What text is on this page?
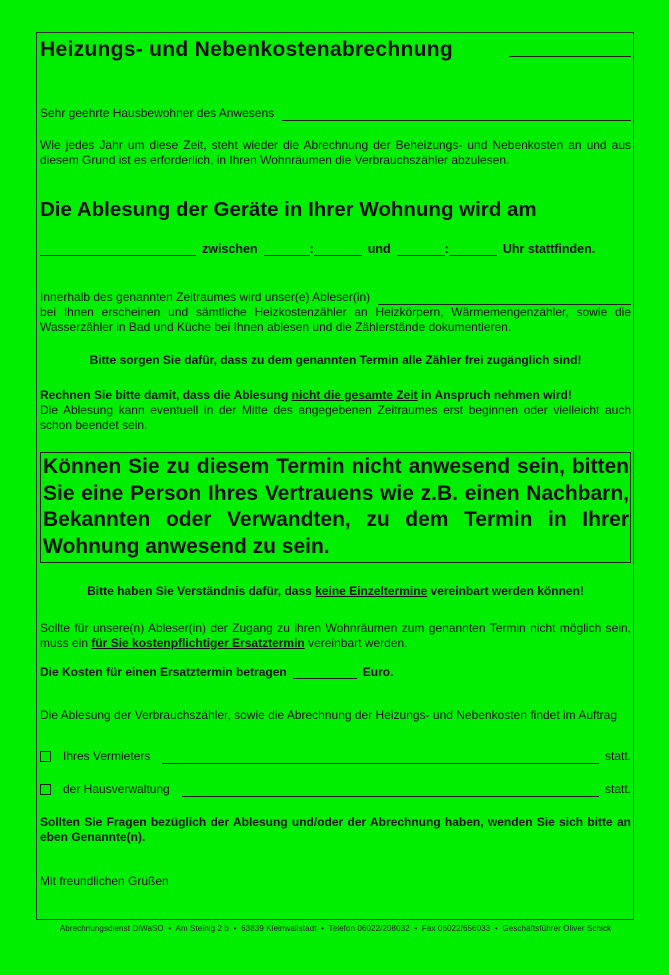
Heizungs- und Nebenkostenabrechnung
Sehr geehrte Hausbewohner des Anwesens
Wie jedes Jahr um diese Zeit, steht wieder die Abrechnung der Beheizungs- und Nebenkosten an und aus diesem Grund ist es erforderlich, in Ihren Wohnräumen die Verbrauchszähler abzulesen.
Die Ablesung der Geräte in Ihrer Wohnung wird am
zwischen	:	und	:	Uhr stattfinden.
Innerhalb des genannten Zeitraumes wird unser(e) Ableser(in)
bei Ihnen erscheinen und sämtliche Heizkostenzähler an Heizkörpern, Wärmemengenzähler, sowie die Wasserzähler in Bad und Küche bei Ihnen ablesen und die Zählerstände dokumentieren.
Bitte sorgen Sie dafür, dass zu dem genannten Termin alle Zähler frei zugänglich sind!
Rechnen Sie bitte damit, dass die Ablesung nicht die gesamte Zeit in Anspruch nehmen wird!
Die Ablesung kann eventuell in der Mitte des angegebenen Zeitraumes erst beginnen oder vielleicht auch schon beendet sein.
Können Sie zu diesem Termin nicht anwesend sein, bitten Sie eine Person Ihres Vertrauens wie z.B. einen Nachbarn, Bekannten oder Verwandten, zu dem Termin in Ihrer Wohnung anwesend zu sein.
Bitte haben Sie Verständnis dafür, dass keine Einzeltermine vereinbart werden können!
Sollte für unsere(n) Ableser(in) der Zugang zu ihren Wohnräumen zum genannten Termin nicht möglich sein, muss ein für Sie kostenpflichtiger Ersatztermin vereinbart werden.
Die Kosten für einen Ersatztermin betragen	Euro.
Die Ablesung der Verbrauchszähler, sowie die Abrechnung der Heizungs- und Nebenkosten findet im Auftrag
Ihres Vermieters	statt.
der Hausverwaltung	statt.
Sollten Sie Fragen bezüglich der Ablesung und/oder der Abrechnung haben, wenden Sie sich bitte an eben Genannte(n).
Mit freundlichen Grüßen
Abrechnungsdienst DiWaSO  •  Am Steinig 2 b  •  63839 Kleinwallstadt  •  Telefon 06022/208032  •  Fax 06022/656033  •  Geschäftsführer Oliver Schick
